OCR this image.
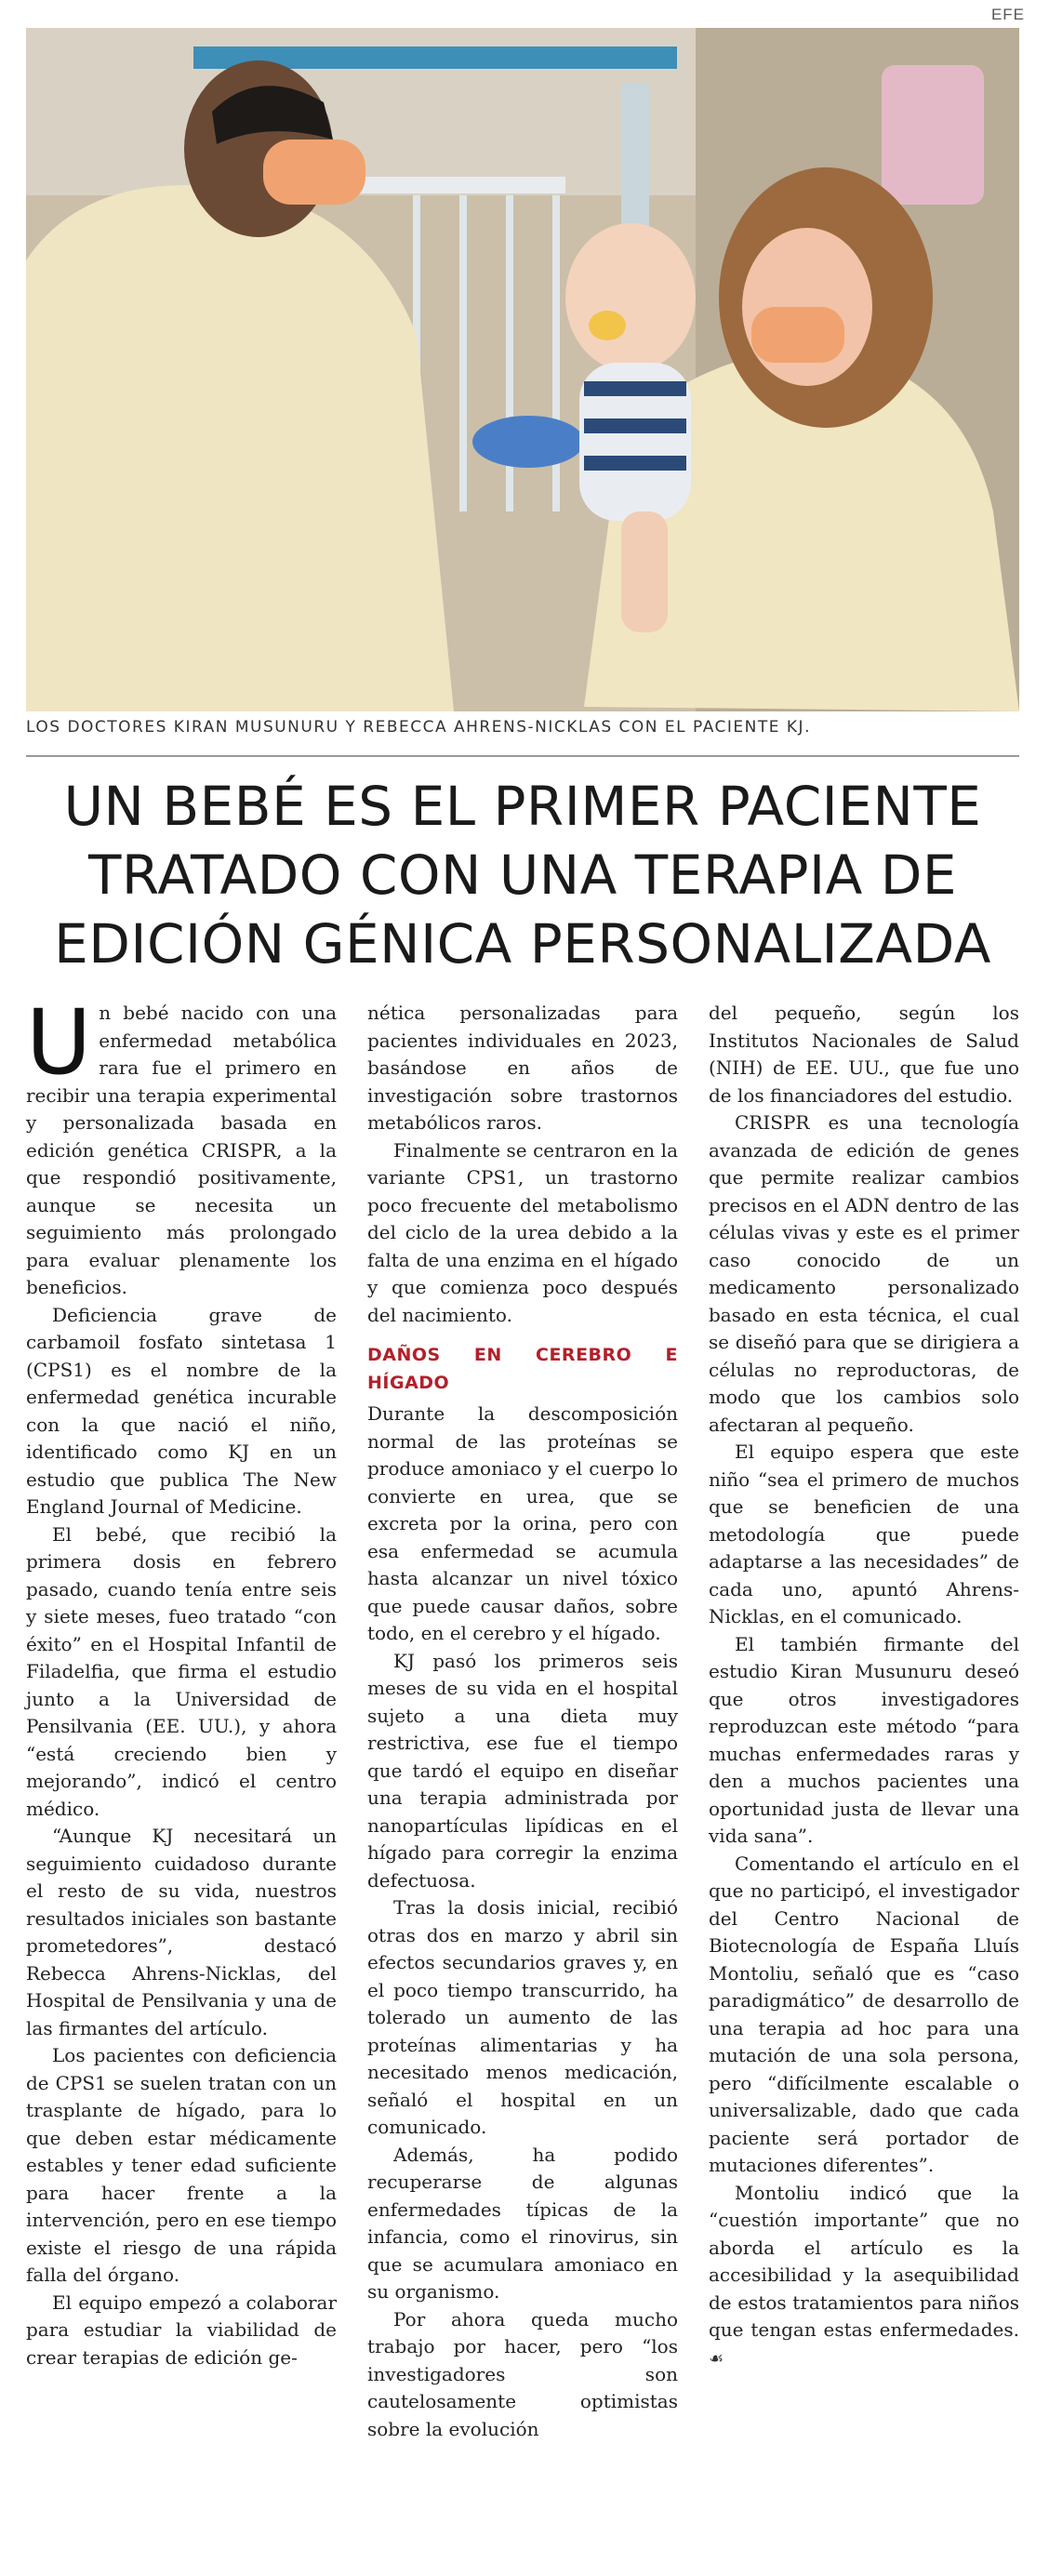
EFE
LOS DOCTORES KIRAN MUSUNURU Y REBECCA AHRENS-NICKLAS CON EL PACIENTE KJ.
UN BEBÉ ES EL PRIMER PACIENTE
TRATADO CON UNA TERAPIA DE
EDICIÓN GÉNICA PERSONALIZADA
U n bebé nacido con una enfermedad metabólica rara fue el primero en recibir una terapia experimental y personalizada basada en edición genética CRISPR, a la que respondió positivamente, aunque se necesita un seguimiento más prolongado para evaluar plenamente los beneficios.

Deficiencia grave de carbamoil fosfato sintetasa 1 (CPS1) es el nombre de la enfermedad genética incurable con la que nació el niño, identificado como KJ en un estudio que publica The New England Journal of Medicine.

El bebé, que recibió la primera dosis en febrero pasado, cuando tenía entre seis y siete meses, fueo tratado “con éxito” en el Hospital Infantil de Filadelfia, que firma el estudio junto a la Universidad de Pensilvania (EE. UU.), y ahora “está creciendo bien y mejorando”, indicó el centro médico.

“Aunque KJ necesitará un seguimiento cuidadoso durante el resto de su vida, nuestros resultados iniciales son bastante prometedores”, destacó Rebecca Ahrens-Nicklas, del Hospital de Pensilvania y una de las firmantes del artículo.

Los pacientes con deficiencia de CPS1 se suelen tratan con un trasplante de hígado, para lo que deben estar médicamente estables y tener edad suficiente para hacer frente a la intervención, pero en ese tiempo existe el riesgo de una rápida falla del órgano.

El equipo empezó a colaborar para estudiar la viabilidad de crear terapias de edición ge-

nética personalizadas para pacientes individuales en 2023, basándose en años de investigación sobre trastornos metabólicos raros.

Finalmente se centraron en la variante CPS1, un trastorno poco frecuente del metabolismo del ciclo de la urea debido a la falta de una enzima en el hígado y que comienza poco después del nacimiento.

DAÑOS EN CEREBRO E HÍGADO

Durante la descomposición normal de las proteínas se produce amoniaco y el cuerpo lo convierte en urea, que se excreta por la orina, pero con esa enfermedad se acumula hasta alcanzar un nivel tóxico que puede causar daños, sobre todo, en el cerebro y el hígado.

KJ pasó los primeros seis meses de su vida en el hospital sujeto a una dieta muy restrictiva, ese fue el tiempo que tardó el equipo en diseñar una terapia administrada por nanopartículas lipídicas en el hígado para corregir la enzima defectuosa.

Tras la dosis inicial, recibió otras dos en marzo y abril sin efectos secundarios graves y, en el poco tiempo transcurrido, ha tolerado un aumento de las proteínas alimentarias y ha necesitado menos medicación, señaló el hospital en un comunicado.

Además, ha podido recuperarse de algunas enfermedades típicas de la infancia, como el rinovirus, sin que se acumulara amoniaco en su organismo.

Por ahora queda mucho trabajo por hacer, pero “los investigadores son cautelosamente optimistas sobre la evolución

del pequeño, según los Institutos Nacionales de Salud (NIH) de EE. UU., que fue uno de los financiadores del estudio.

CRISPR es una tecnología avanzada de edición de genes que permite realizar cambios precisos en el ADN dentro de las células vivas y este es el primer caso conocido de un medicamento personalizado basado en esta técnica, el cual se diseñó para que se dirigiera a células no reproductoras, de modo que los cambios solo afectaran al pequeño.

El equipo espera que este niño “sea el primero de muchos que se beneficien de una metodología que puede adaptarse a las necesidades” de cada uno, apuntó Ahrens-Nicklas, en el comunicado.

El también firmante del estudio Kiran Musunuru deseó que otros investigadores reproduzcan este método “para muchas enfermedades raras y den a muchos pacientes una oportunidad justa de llevar una vida sana”.

Comentando el artículo en el que no participó, el investigador del Centro Nacional de Biotecnología de España Lluís Montoliu, señaló que es “caso paradigmático” de desarrollo de una terapia ad hoc para una mutación de una sola persona, pero “difícilmente escalable o universalizable, dado que cada paciente será portador de mutaciones diferentes”.

Montoliu indicó que la “cuestión importante” que no aborda el artículo es la accesibilidad y la asequibilidad de estos tratamientos para niños que tengan estas enfermedades. ☙
